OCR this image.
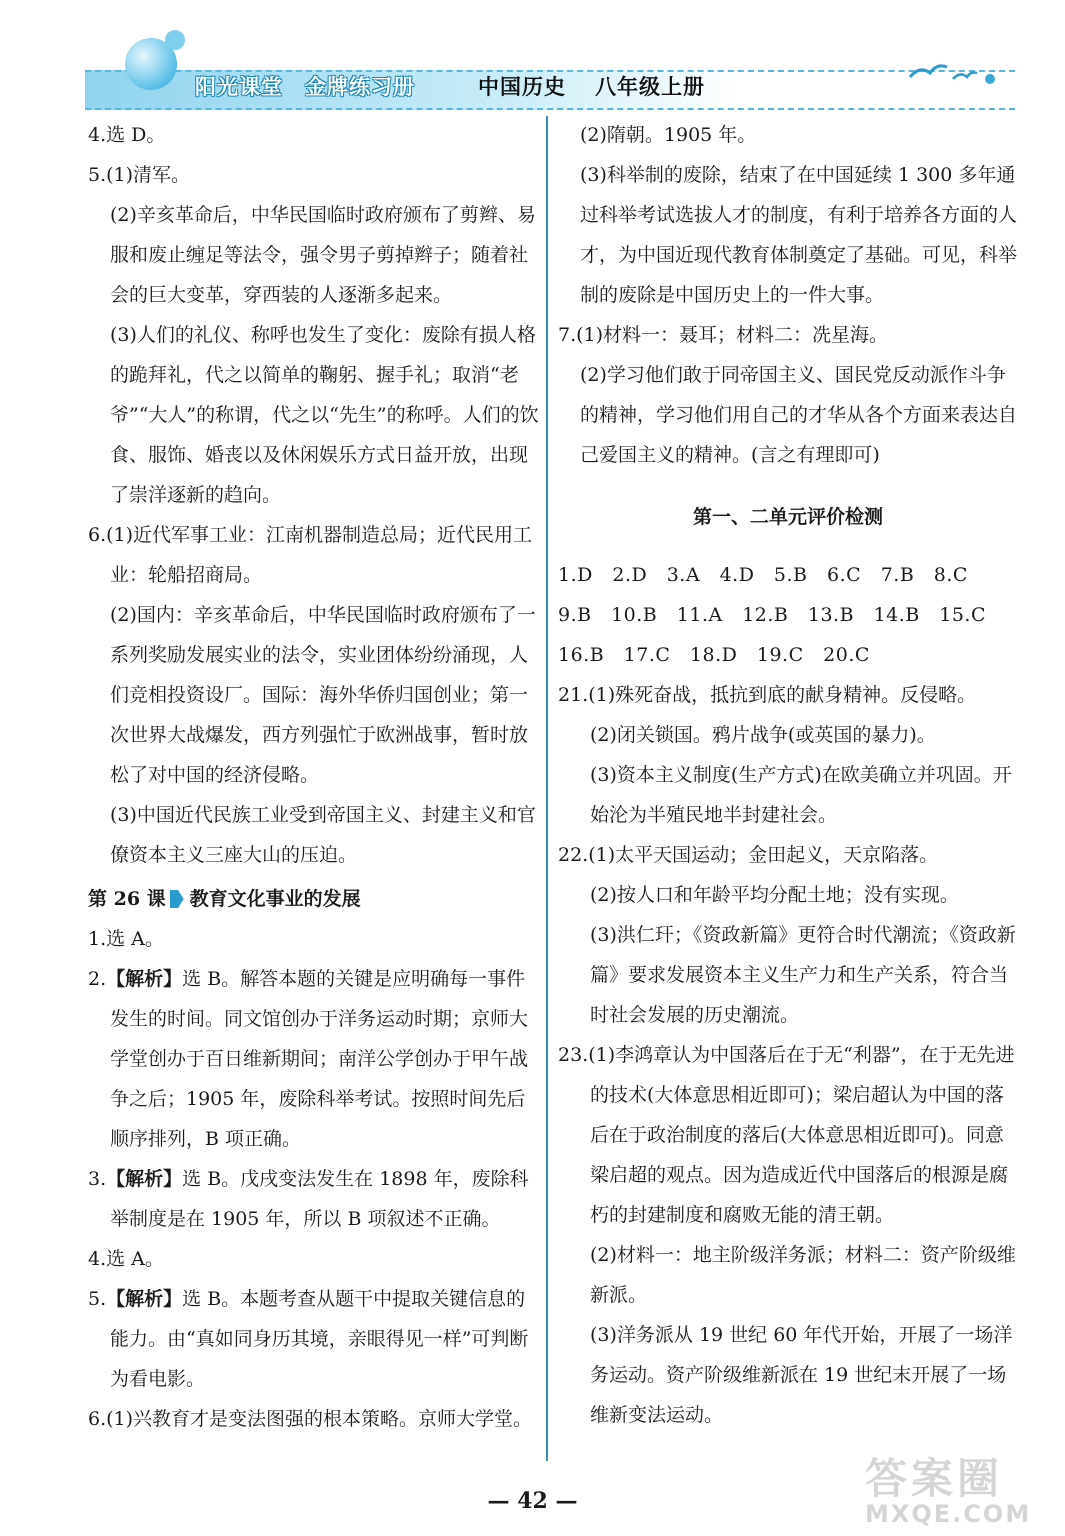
阳光课堂　金牌练习册	中国历史 八年级上册

4.选 D。

5.(1)清军。

(2)辛亥革命后，中华民国临时政府颁布了剪辫、易服和废止缠足等法令，强令男子剪掉辫子；随着社会的巨大变革，穿西装的人逐渐多起来。

(3)人们的礼仪、称呼也发生了变化：废除有损人格的跪拜礼，代之以简单的鞠躬、握手礼；取消“老爷”“大人”的称谓，代之以“先生”的称呼。人们的饮食、服饰、婚丧以及休闲娱乐方式日益开放，出现了崇洋逐新的趋向。

6.(1)近代军事工业：江南机器制造总局；近代民用工业：轮船招商局。

(2)国内：辛亥革命后，中华民国临时政府颁布了一系列奖励发展实业的法令，实业团体纷纷涌现，人们竞相投资设厂。国际：海外华侨归国创业；第一次世界大战爆发，西方列强忙于欧洲战事，暂时放松了对中国的经济侵略。

(3)中国近代民族工业受到帝国主义、封建主义和官僚资本主义三座大山的压迫。

第 26 课 教育文化事业的发展

1.选 A。

2.【解析】选 B。解答本题的关键是应明确每一事件发生的时间。同文馆创办于洋务运动时期；京师大学堂创办于百日维新期间；南洋公学创办于甲午战争之后；1905 年，废除科举考试。按照时间先后顺序排列，B 项正确。

3.【解析】选 B。戊戌变法发生在 1898 年，废除科举制度是在 1905 年，所以 B 项叙述不正确。

4.选 A。

5.【解析】选 B。本题考查从题干中提取关键信息的能力。由“真如同身历其境，亲眼得见一样”可判断为看电影。

6.(1)兴教育才是变法图强的根本策略。京师大学堂。

(2)隋朝。1905 年。

(3)科举制的废除，结束了在中国延续 1 300 多年通过科举考试选拔人才的制度，有利于培养各方面的人才，为中国近现代教育体制奠定了基础。可见，科举制的废除是中国历史上的一件大事。

7.(1)材料一：聂耳；材料二：冼星海。

(2)学习他们敢于同帝国主义、国民党反动派作斗争的精神，学习他们用自己的才华从各个方面来表达自己爱国主义的精神。(言之有理即可)

第一、二单元评价检测

1.D　2.D　3.A　4.D　5.B　6.C　7.B　8.C

9.B　10.B　11.A　12.B　13.B　14.B　15.C

16.B　17.C　18.D　19.C　20.C

21.(1)殊死奋战，抵抗到底的献身精神。反侵略。

(2)闭关锁国。鸦片战争(或英国的暴力)。

(3)资本主义制度(生产方式)在欧美确立并巩固。开始沦为半殖民地半封建社会。

22.(1)太平天国运动；金田起义，天京陷落。

(2)按人口和年龄平均分配土地；没有实现。

(3)洪仁玕；《资政新篇》更符合时代潮流；《资政新篇》要求发展资本主义生产力和生产关系，符合当时社会发展的历史潮流。

23.(1)李鸿章认为中国落后在于无“利器”，在于无先进的技术(大体意思相近即可)；梁启超认为中国的落后在于政治制度的落后(大体意思相近即可)。同意梁启超的观点。因为造成近代中国落后的根源是腐朽的封建制度和腐败无能的清王朝。

(2)材料一：地主阶级洋务派；材料二：资产阶级维新派。

(3)洋务派从 19 世纪 60 年代开始，开展了一场洋务运动。资产阶级维新派在 19 世纪末开展了一场维新变法运动。

— 42 —	答案圈
MXQE.COM
